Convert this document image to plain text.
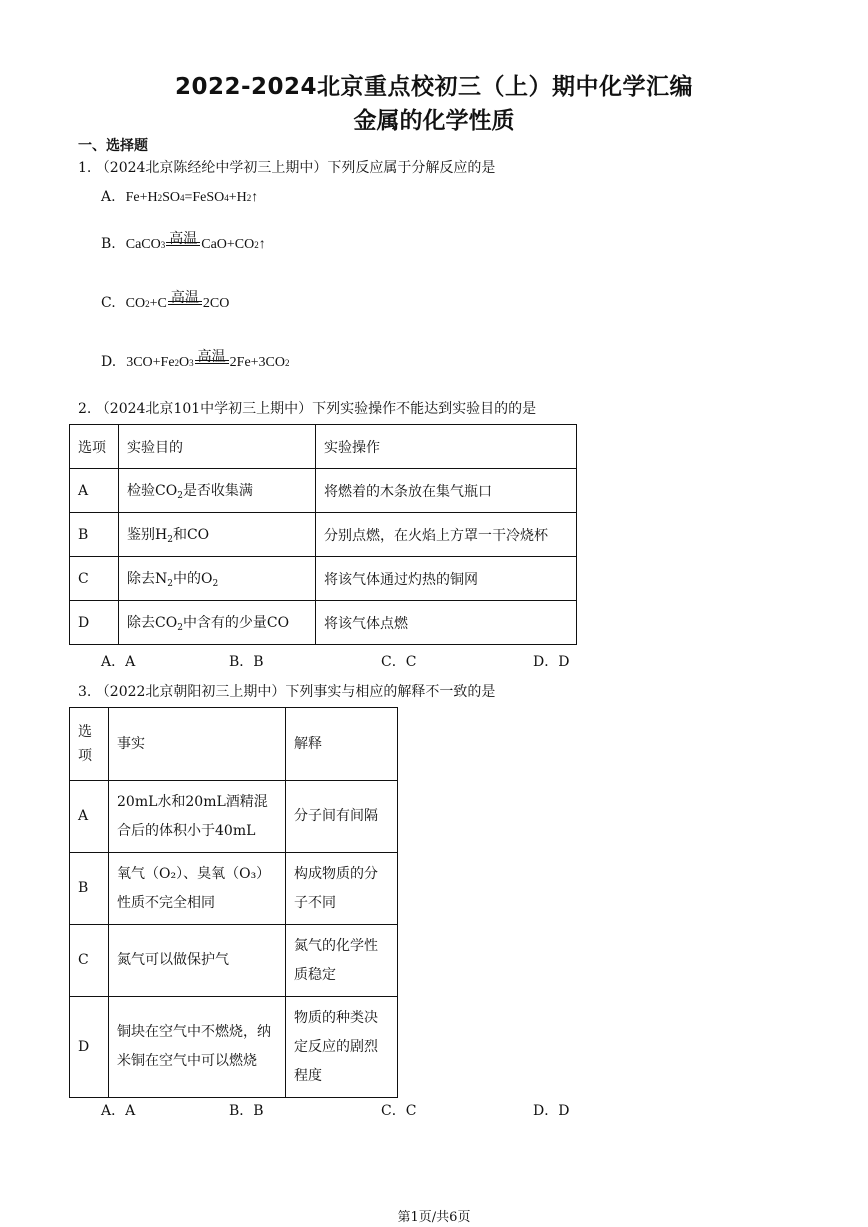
2022-2024北京重点校初三（上）期中化学汇编
金属的化学性质
一、选择题
1. （2024北京陈经纶中学初三上期中）下列反应属于分解反应的是
A. Fe+H 2 SO 4 =FeSO 4 +H 2 ↑
B. CaCO 3 高温 CaO+CO 2 ↑
C. CO 2 +C 高温 2CO
D. 3CO+Fe 2 O 3 高温 2Fe+3CO 2
2. （2024北京101中学初三上期中）下列实验操作不能达到实验目的的是
选项	实验目的	实验操作
A	检验$CO_2$是否收集满	将燃着的木条放在集气瓶口
B	鉴别$H_2$和CO	分别点燃，在火焰上方罩一干冷烧杯
C	除去$N_2$中的$O_2$	将该气体通过灼热的铜网
D	除去$CO_2$中含有的少量CO	将该气体点燃
A．A	B．B	C．C	D．D
3. （2022北京朝阳初三上期中）下列事实与相应的解释不一致的是
选项	事实	解释
A	20mL水和20mL酒精混合后的体积小于40mL	分子间有间隔
B	氧气（O₂）、臭氧（O₃）性质不完全相同	构成物质的分子不同
C	氮气可以做保护气	氮气的化学性质稳定
D	铜块在空气中不燃烧，纳米铜在空气中可以燃烧	物质的种类决定反应的剧烈程度
A．A	B．B	C．C	D．D
第1页/共6页
